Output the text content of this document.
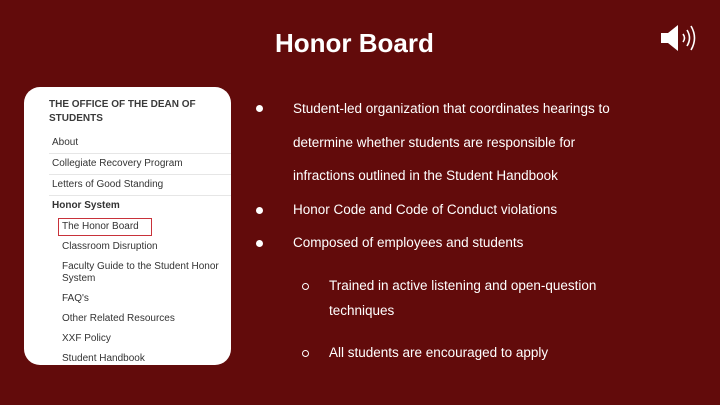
Honor Board
THE OFFICE OF THE DEAN OF STUDENTS
About
Collegiate Recovery Program
Letters of Good Standing
Honor System
The Honor Board
Classroom Disruption
Faculty Guide to the Student Honor System
FAQ's
Other Related Resources
XXF Policy
Student Handbook
Student-led organization that coordinates hearings to
determine whether students are responsible for
infractions outlined in the Student Handbook
Honor Code and Code of Conduct violations
Composed of employees and students
Trained in active listening and open-question
techniques
All students are encouraged to apply
